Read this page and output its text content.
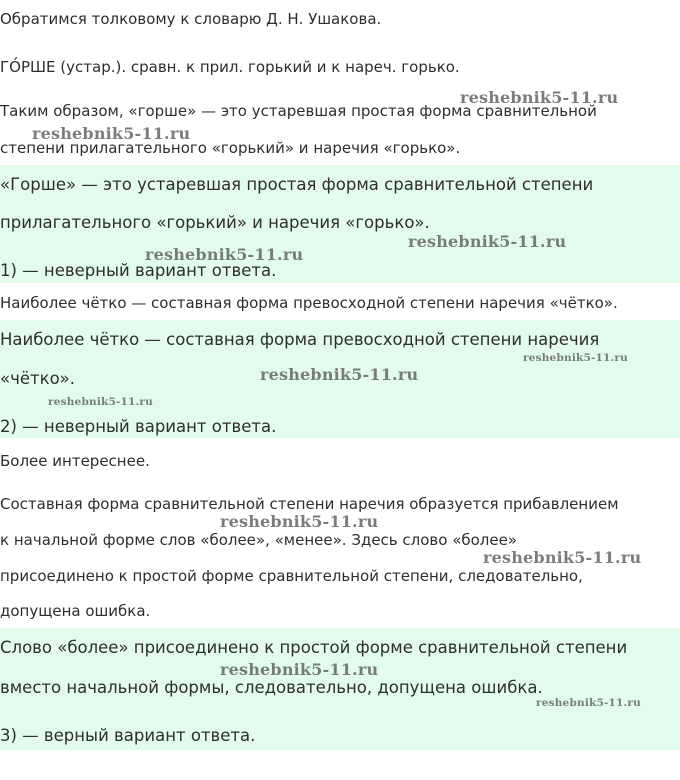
Обратимся толковому к словарю Д. Н. Ушакова.

ГО́РШЕ (устар.). сравн. к прил. горький и к нареч. горько.

Таким образом, «горше» — это устаревшая простая форма сравнительной

степени прилагательного «горький» и наречия «горько».

«Горше» — это устаревшая простая форма сравнительной степени

прилагательного «горький» и наречия «горько».

1) — неверный вариант ответа.

Наиболее чётко — составная форма превосходной степени наречия «чётко».

Наиболее чётко — составная форма превосходной степени наречия

«чётко».

2) — неверный вариант ответа.

Более интереснее.

Составная форма сравнительной степени наречия образуется прибавлением

к начальной форме слов «более», «менее». Здесь слово «более»

присоединено к простой форме сравнительной степени, следовательно,

допущена ошибка.

Слово «более» присоединено к простой форме сравнительной степени

вместо начальной формы, следовательно, допущена ошибка.

3) — верный вариант ответа.

reshebnik5-11.ru
reshebnik5-11.ru
reshebnik5-11.ru
reshebnik5-11.ru
reshebnik5-11.ru
reshebnik5-11.ru
reshebnik5-11.ru
reshebnik5-11.ru
reshebnik5-11.ru
reshebnik5-11.ru
reshebnik5-11.ru
